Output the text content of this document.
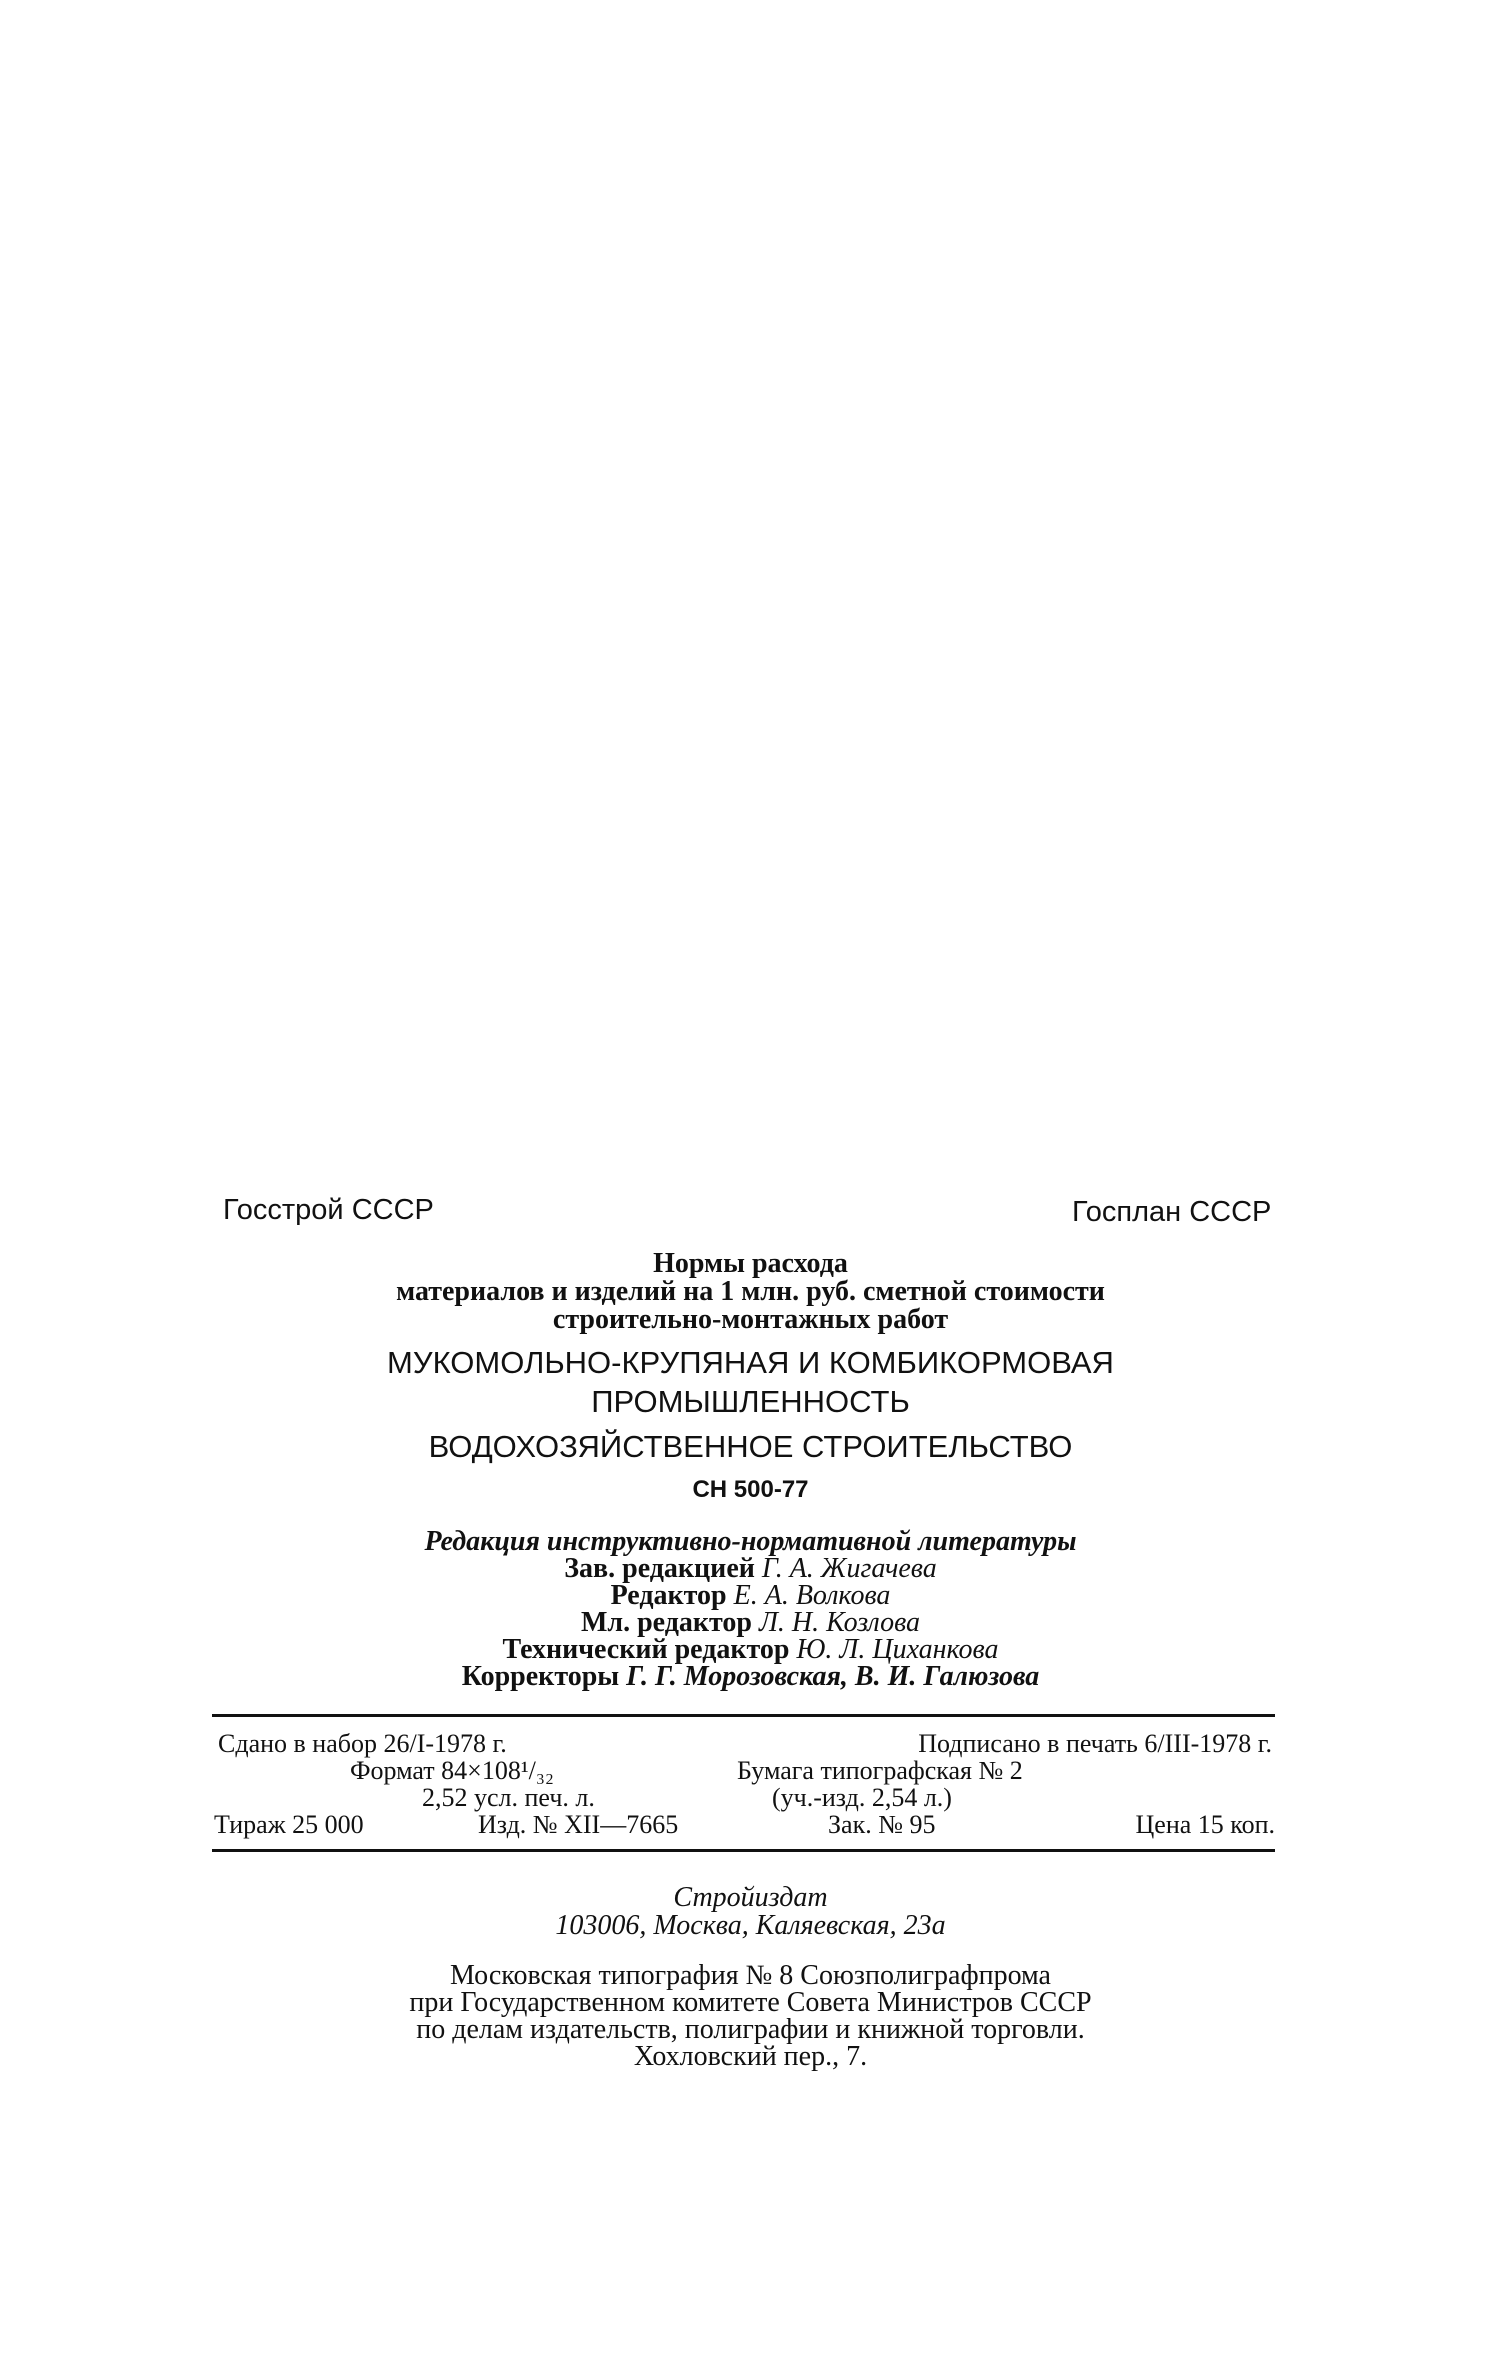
Госстрой СССР	Госплан СССР
Нормы расхода
материалов и изделий на 1 млн. руб. сметной стоимости
строительно-монтажных работ
МУКОМОЛЬНО-КРУПЯНАЯ И КОМБИКОРМОВАЯ
ПРОМЫШЛЕННОСТЬ
ВОДОХОЗЯЙСТВЕННОЕ СТРОИТЕЛЬСТВО
СН 500-77
Редакция инструктивно-нормативной литературы
Зав. редакцией Г. А. Жигачева
Редактор Е. А. Волкова
Мл. редактор Л. Н. Козлова
Технический редактор Ю. Л. Циханкова
Корректоры Г. Г. Морозовская, В. И. Галюзова
Сдано в набор 26/I-1978 г.	Подписано в печать 6/III-1978 г.
Формат 84×108¹/₃₂	Бумага типографская № 2
2,52 усл. печ. л.	(уч.-изд. 2,54 л.)
Тираж 25 000	Изд. № XII—7665	Зак. № 95	Цена 15 коп.
Стройиздат
103006, Москва, Каляевская, 23а
Московская типография № 8 Союзполиграфпрома
при Государственном комитете Совета Министров СССР
по делам издательств, полиграфии и книжной торговли.
Хохловский пер., 7.
